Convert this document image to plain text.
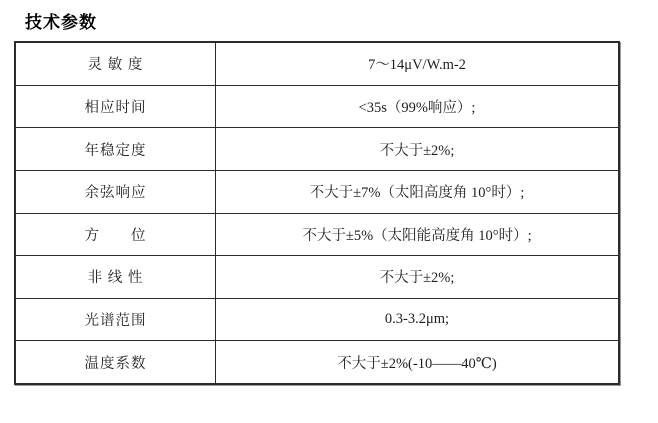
技术参数
灵 敏 度	7～14μV/W.m-2
相应时间	<35s（99%响应）;
年稳定度	不大于±2%;
余弦响应	不大于±7%（太阳高度角 10°时）;
方　　位	不大于±5%（太阳能高度角 10°时）;
非 线 性	不大于±2%;
光谱范围	0.3-3.2μm;
温度系数	不大于±2%(-10——40℃)
